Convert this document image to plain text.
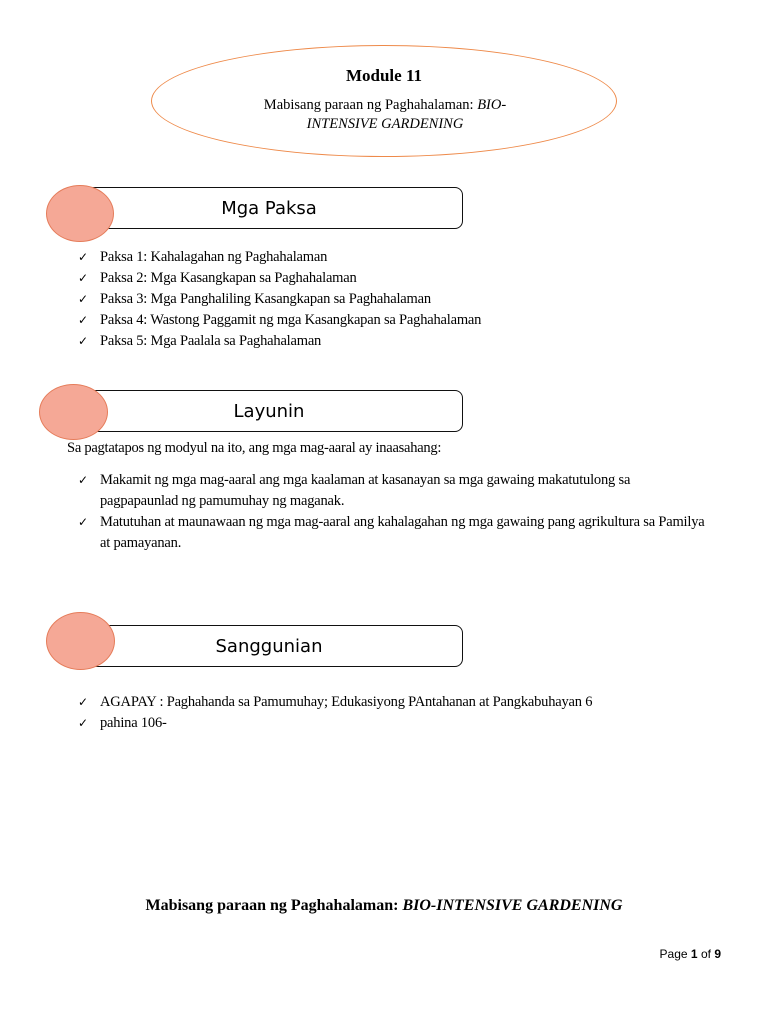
Module 11
Mabisang paraan ng Paghahalaman: BIO-INTENSIVE GARDENING
Mga Paksa
✓ Paksa 1: Kahalagahan ng Paghahalaman
✓ Paksa 2: Mga Kasangkapan sa Paghahalaman
✓ Paksa 3: Mga Panghaliling Kasangkapan sa Paghahalaman
✓ Paksa 4: Wastong Paggamit ng mga Kasangkapan sa Paghahalaman
✓ Paksa 5: Mga Paalala sa Paghahalaman
Layunin
Sa pagtatapos ng modyul na ito, ang mga mag-aaral ay inaasahang:
✓ Makamit ng mga mag-aaral ang mga kaalaman at kasanayan sa mga gawaing makatutulong sa pagpapaunlad ng pamumuhay ng maganak.
✓ Matutuhan at maunawaan ng mga mag-aaral ang kahalagahan ng mga gawaing pang agrikultura sa Pamilya at pamayanan.
Sanggunian
✓ AGAPAY : Paghahanda sa Pamumuhay; Edukasiyong PAntahanan at Pangkabuhayan 6
✓ pahina 106-
Mabisang paraan ng Paghahalaman: BIO-INTENSIVE GARDENING
Page 1 of 9
